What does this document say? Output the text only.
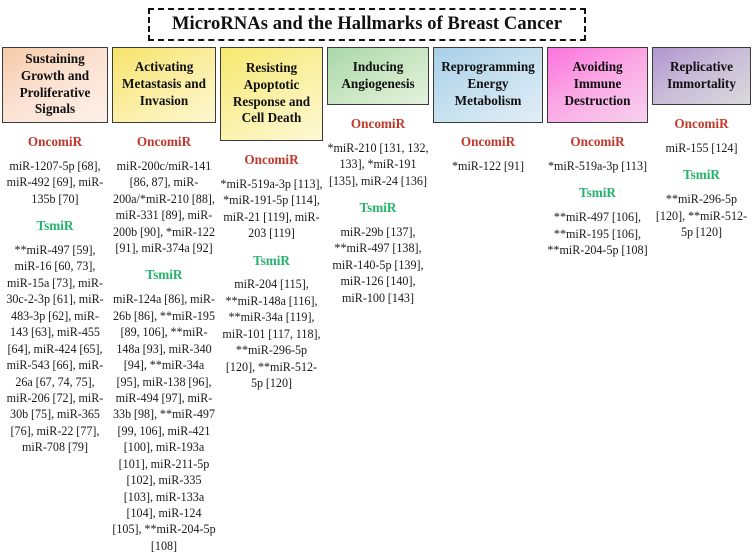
MicroRNAs and the Hallmarks of Breast Cancer
Sustaining Growth and Proliferative Signals
OncomiR
miR-1207-5p [68], miR-492 [69], miR-135b [70]
TsmiR
**miR-497 [59], miR-16 [60, 73], miR-15a [73], miR-30c-2-3p [61], miR-483-3p [62], miR-143 [63], miR-455 [64], miR-424 [65], miR-543 [66], miR-26a [67, 74, 75], miR-206 [72], miR-30b [75], miR-365 [76], miR-22 [77], miR-708 [79]
Activating Metastasis and Invasion
OncomiR
miR-200c/miR-141 [86, 87], miR-200a/*miR-210 [88], miR-331 [89], miR-200b [90], *miR-122 [91], miR-374a [92]
TsmiR
miR-124a [86], miR-26b [86], **miR-195 [89, 106], **miR-148a [93], miR-340 [94], **miR-34a [95], miR-138 [96], miR-494 [97], miR-33b [98], **miR-497 [99, 106], miR-421 [100], miR-193a [101], miR-211-5p [102], miR-335 [103], miR-133a [104], miR-124 [105], **miR-204-5p [108]
Resisting Apoptotic Response and Cell Death
OncomiR
*miR-519a-3p [113], *miR-191-5p [114], miR-21 [119], miR-203 [119]
TsmiR
miR-204 [115], **miR-148a [116], **miR-34a [119], miR-101 [117, 118], **miR-296-5p [120], **miR-512-5p [120]
Inducing Angiogenesis
OncomiR
*miR-210 [131, 132, 133], *miR-191 [135], miR-24 [136]
TsmiR
miR-29b [137], **miR-497 [138], miR-140-5p [139], miR-126 [140], miR-100 [143]
Reprogramming Energy Metabolism
OncomiR
*miR-122 [91]
Avoiding Immune Destruction
OncomiR
*miR-519a-3p [113]
TsmiR
**miR-497 [106], **miR-195 [106], **miR-204-5p [108]
Replicative Immortality
OncomiR
miR-155 [124]
TsmiR
**miR-296-5p [120], **miR-512-5p [120]
